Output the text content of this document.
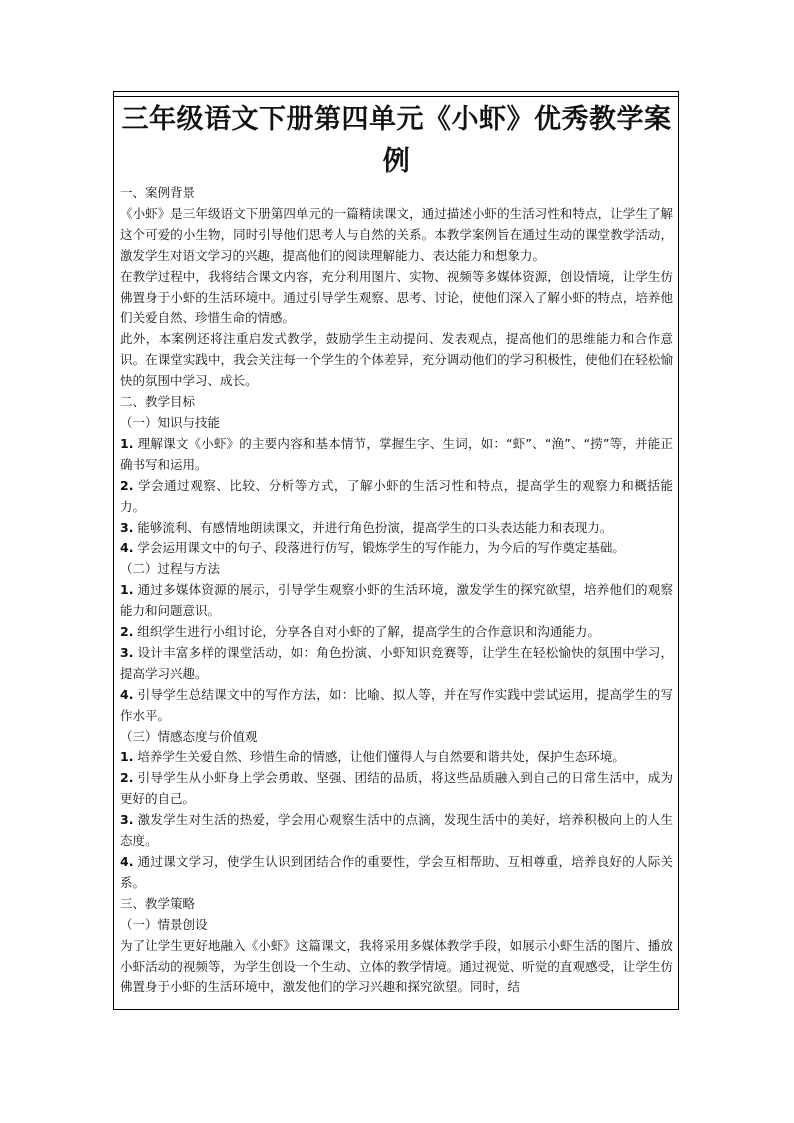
三年级语文下册第四单元《小虾》优秀教学案例

一、案例背景

《小虾》是三年级语文下册第四单元的一篇精读课文，通过描述小虾的生活习性和特点，让学生了解这个可爱的小生物，同时引导他们思考人与自然的关系。本教学案例旨在通过生动的课堂教学活动，激发学生对语文学习的兴趣，提高他们的阅读理解能力、表达能力和想象力。

在教学过程中，我将结合课文内容，充分利用图片、实物、视频等多媒体资源，创设情境，让学生仿佛置身于小虾的生活环境中。通过引导学生观察、思考、讨论，使他们深入了解小虾的特点，培养他们关爱自然、珍惜生命的情感。

此外，本案例还将注重启发式教学，鼓励学生主动提问、发表观点，提高他们的思维能力和合作意识。在课堂实践中，我会关注每一个学生的个体差异，充分调动他们的学习积极性，使他们在轻松愉快的氛围中学习、成长。

二、教学目标

（一）知识与技能

1. 理解课文《小虾》的主要内容和基本情节，掌握生字、生词，如：“虾”、“渔”、“捞”等，并能正确书写和运用。

2. 学会通过观察、比较、分析等方式，了解小虾的生活习性和特点，提高学生的观察力和概括能力。

3. 能够流利、有感情地朗读课文，并进行角色扮演，提高学生的口头表达能力和表现力。

4. 学会运用课文中的句子、段落进行仿写，锻炼学生的写作能力，为今后的写作奠定基础。

（二）过程与方法

1. 通过多媒体资源的展示，引导学生观察小虾的生活环境，激发学生的探究欲望，培养他们的观察能力和问题意识。

2. 组织学生进行小组讨论，分享各自对小虾的了解，提高学生的合作意识和沟通能力。

3. 设计丰富多样的课堂活动，如：角色扮演、小虾知识竞赛等，让学生在轻松愉快的氛围中学习，提高学习兴趣。

4. 引导学生总结课文中的写作方法，如：比喻、拟人等，并在写作实践中尝试运用，提高学生的写作水平。

（三）情感态度与价值观

1. 培养学生关爱自然、珍惜生命的情感，让他们懂得人与自然要和谐共处，保护生态环境。

2. 引导学生从小虾身上学会勇敢、坚强、团结的品质，将这些品质融入到自己的日常生活中，成为更好的自己。

3. 激发学生对生活的热爱，学会用心观察生活中的点滴，发现生活中的美好，培养积极向上的人生态度。

4. 通过课文学习，使学生认识到团结合作的重要性，学会互相帮助、互相尊重，培养良好的人际关系。

三、教学策略

（一）情景创设

为了让学生更好地融入《小虾》这篇课文，我将采用多媒体教学手段，如展示小虾生活的图片、播放小虾活动的视频等，为学生创设一个生动、立体的教学情境。通过视觉、听觉的直观感受，让学生仿佛置身于小虾的生活环境中，激发他们的学习兴趣和探究欲望。同时，结
